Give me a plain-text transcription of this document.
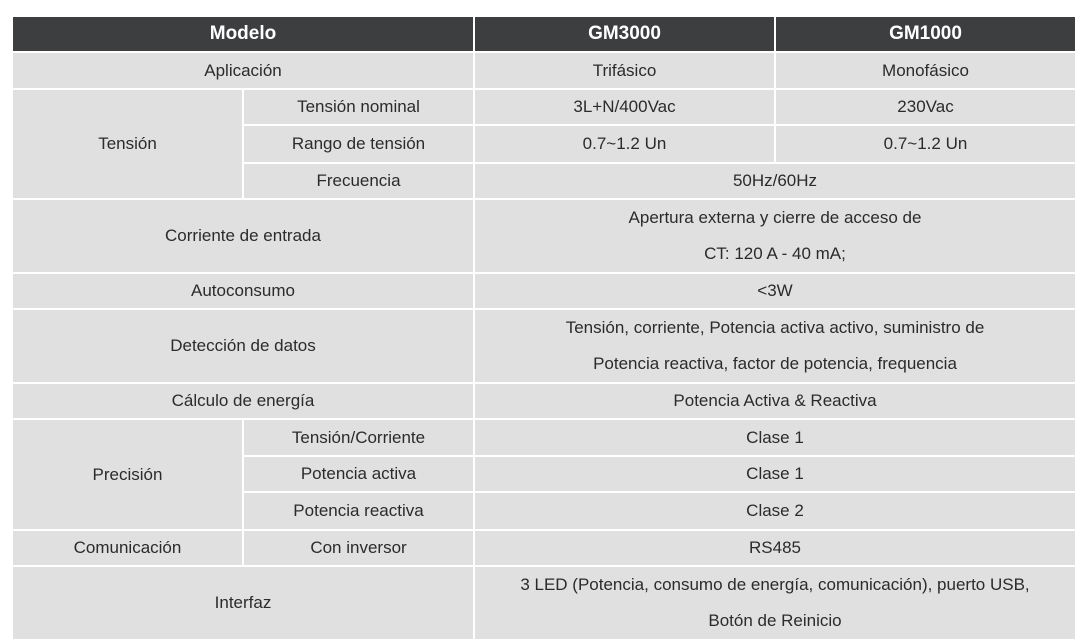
Modelo		GM3000	GM1000
Aplicación		Trifásico	Monofásico
Tensión	Tensión nominal	3L+N/400Vac	230Vac
	Rango de tensión	0.7~1.2 Un	0.7~1.2 Un
	Frecuencia	50Hz/60Hz	
Corriente de entrada		Apertura externa y cierre de acceso de
CT: 120 A - 40 mA;	

Autoconsumo		<3W	
Detección de datos		Tensión, corriente, Potencia activa activo, suministro de
Potencia reactiva, factor de potencia, frequencia	

Cálculo de energía		Potencia Activa & Reactiva	
Precisión	Tensión/Corriente	Clase 1	
	Potencia activa	Clase 1	
	Potencia reactiva	Clase 2	
Comunicación	Con inversor	RS485	
Interfaz		3 LED (Potencia, consumo de energía, comunicación), puerto USB,
Botón de Reinicio	
